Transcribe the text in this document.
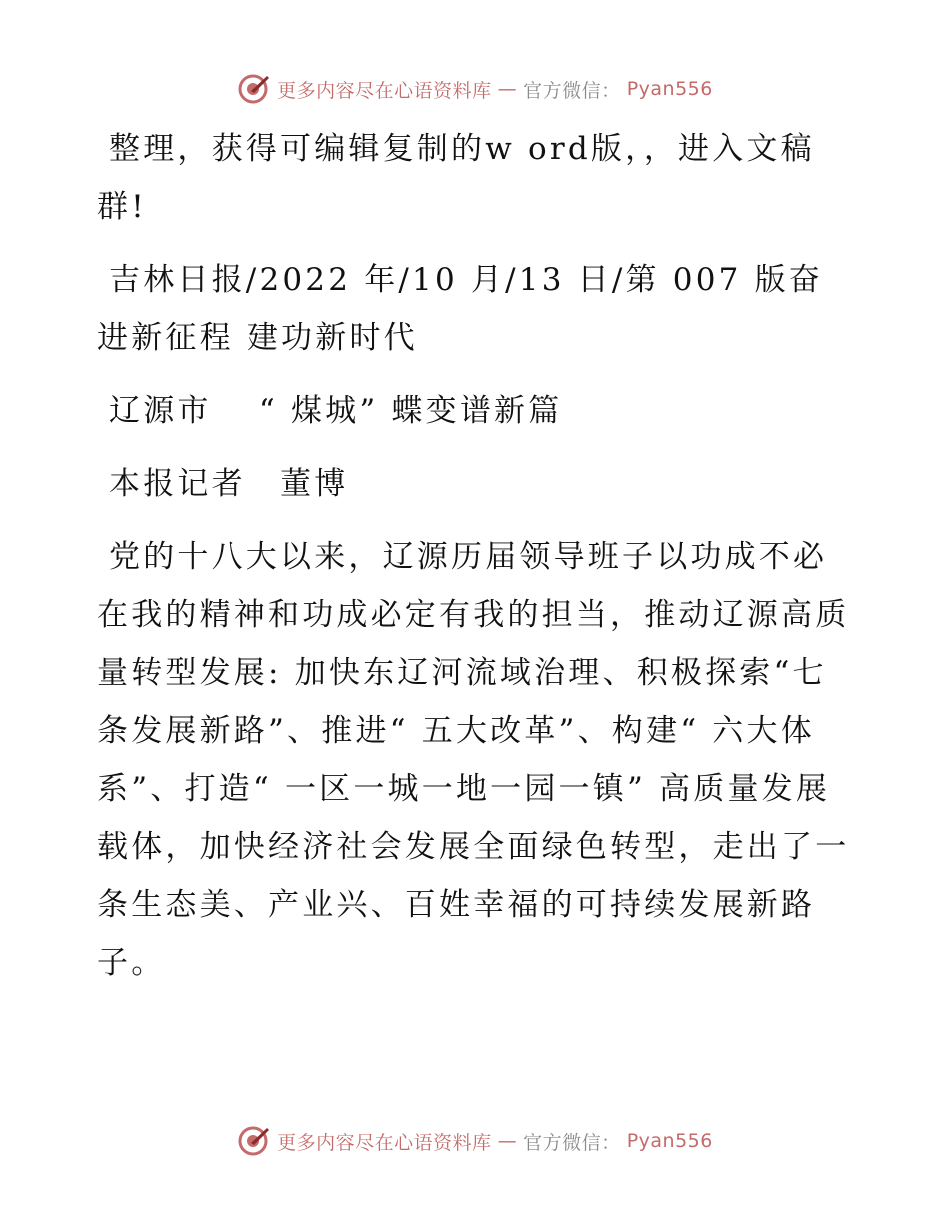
更多内容尽在心语资料库 — 官方微信： Pyan556

整理，获得可编辑复制的w ord版，，进入文稿群!

吉林日报/2022 年/10 月/13 日/第 007 版奋进新征程 建功新时代

辽源市　 “ 煤城” 蝶变谱新篇

本报记者　董博

党的十八大以来，辽源历届领导班子以功成不必在我的精神和功成必定有我的担当，推动辽源高质量转型发展: 加快东辽河流域治理、积极探索“七条发展新路”、推进“ 五大改革”、构建“ 六大体系”、打造“ 一区一城一地一园一镇” 高质量发展载体，加快经济社会发展全面绿色转型，走出了一条生态美、产业兴、百姓幸福的可持续发展新路子。

更多内容尽在心语资料库 — 官方微信： Pyan556
